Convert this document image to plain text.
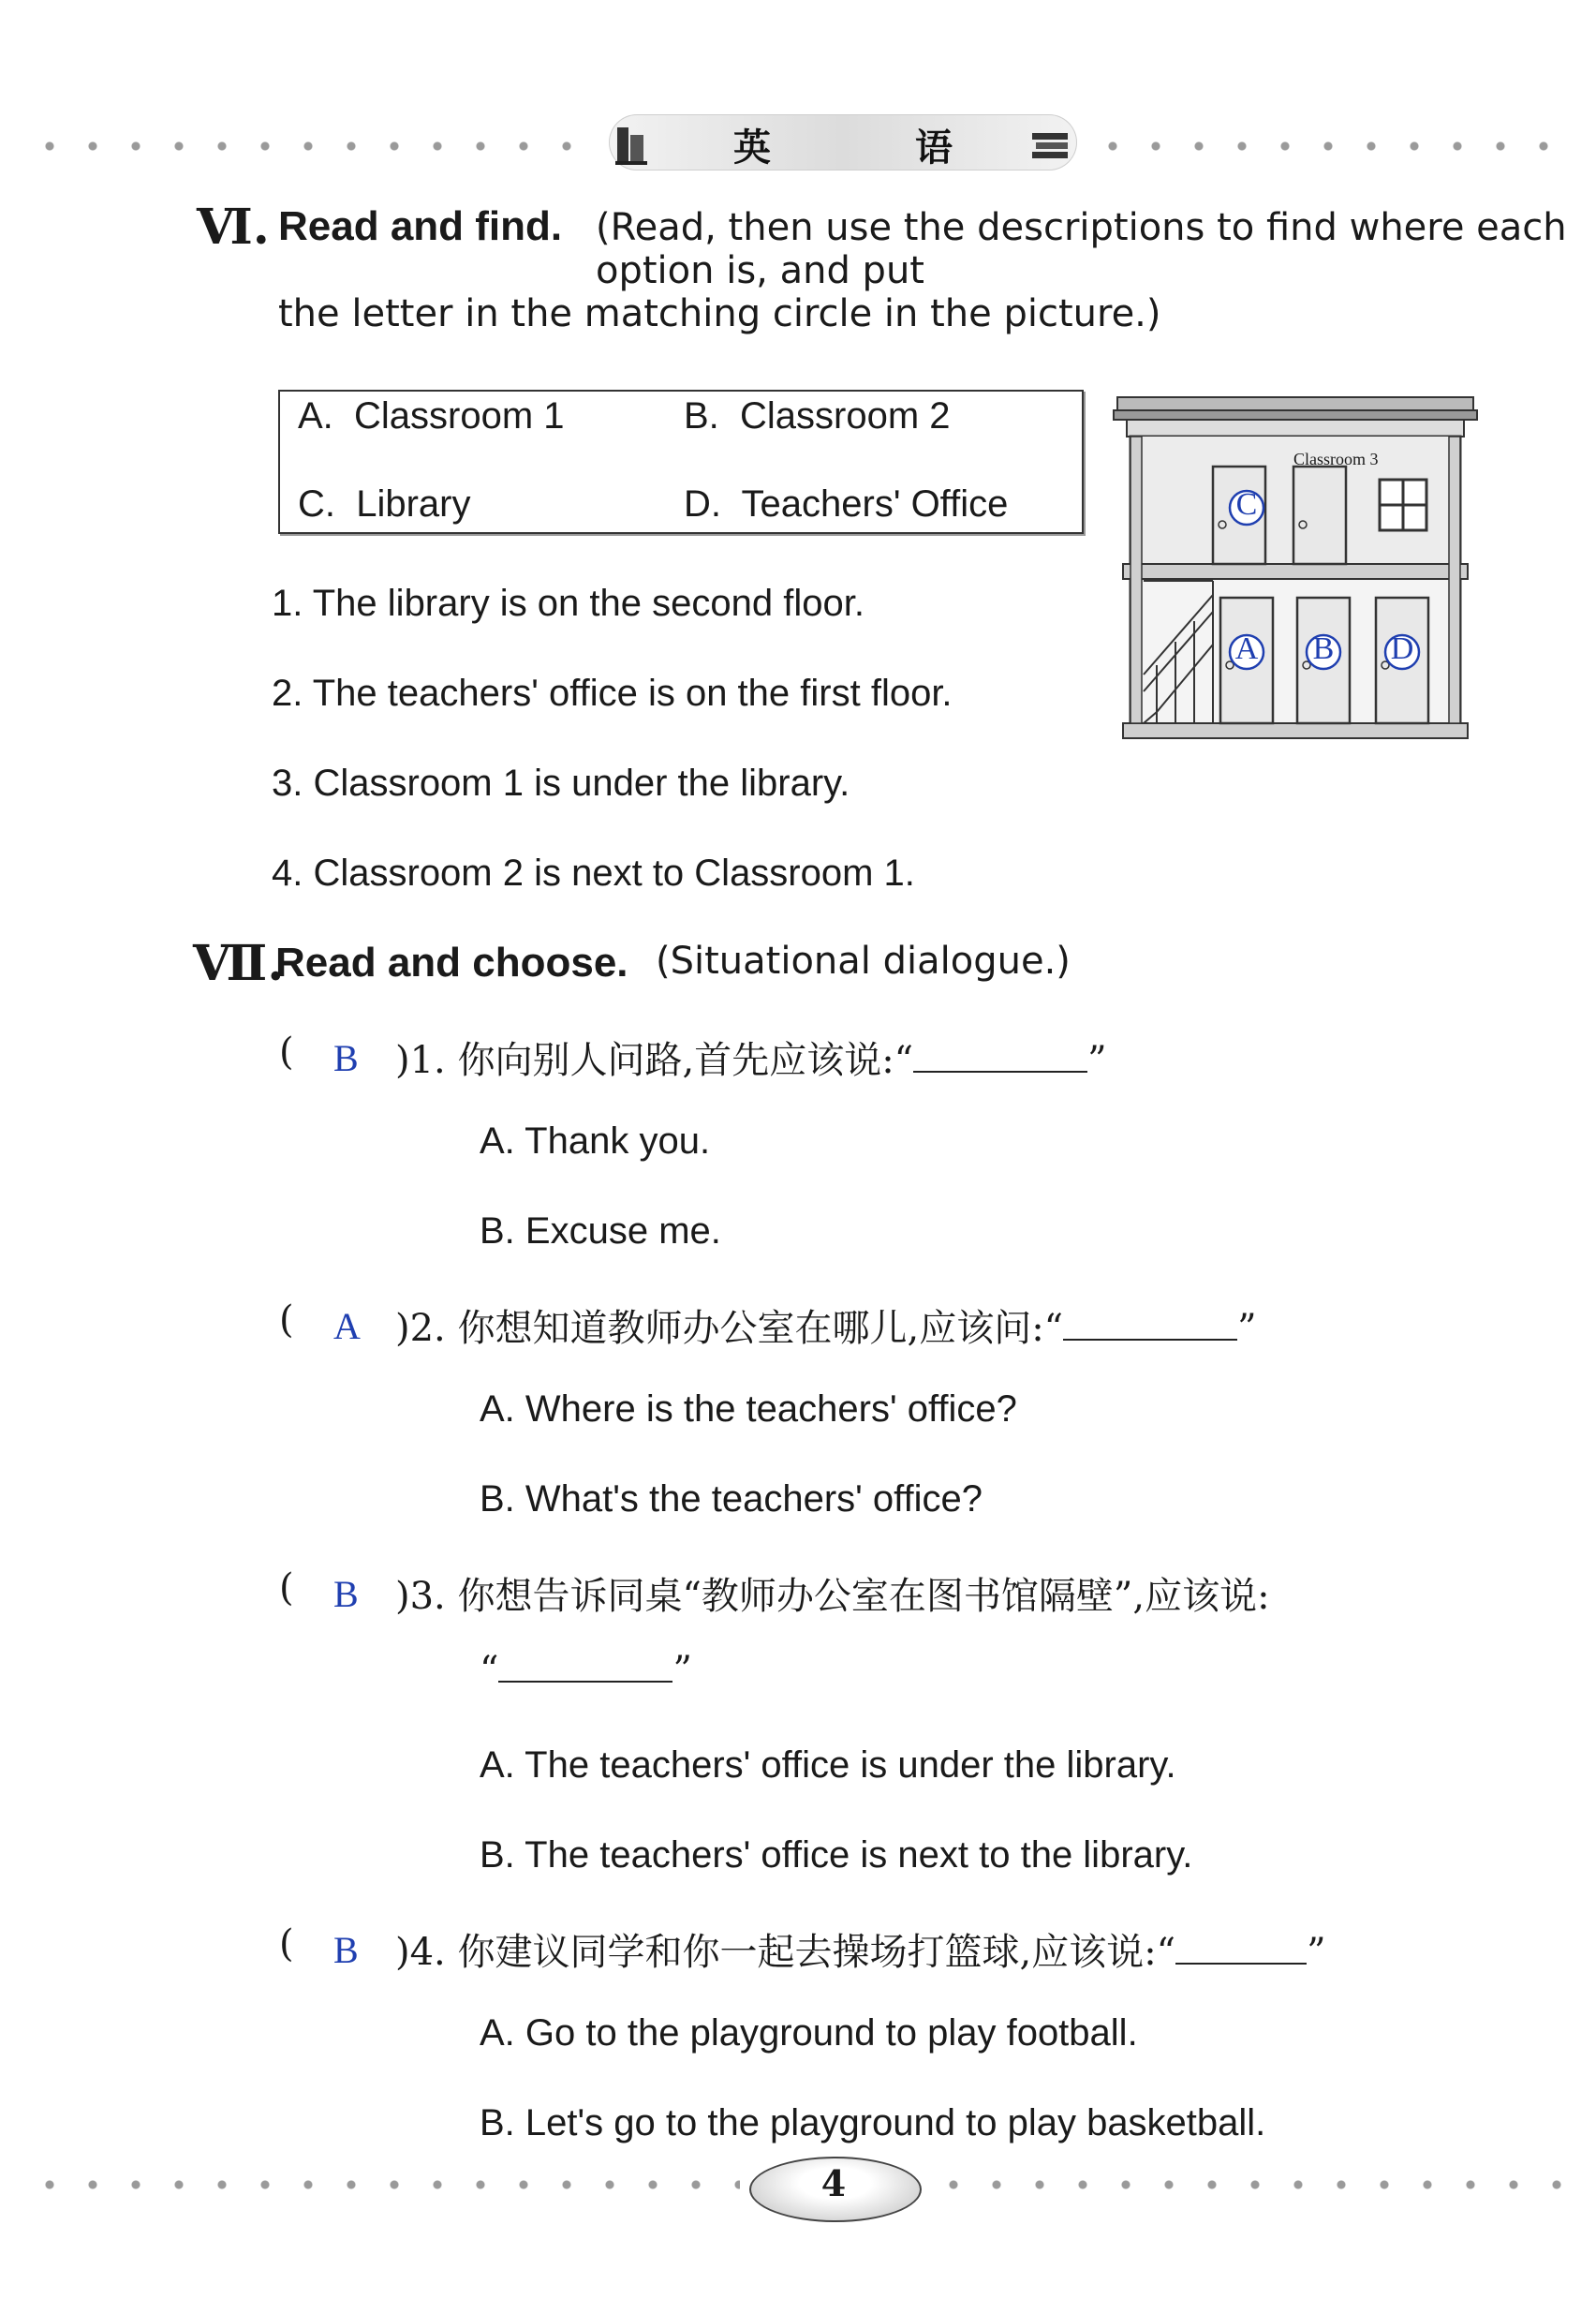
英 语
Ⅵ. Read and find. (Read, then use the descriptions to find where each option is, and put
the letter in the matching circle in the picture.)
A. Classroom 1	B. Classroom 2
C. Library	D. Teachers' Office
1. The library is on the second floor.
2. The teachers' office is on the first floor.
3. Classroom 1 is under the library.
4. Classroom 2 is next to Classroom 1.
Classroom 3
C
A B D
Ⅶ.
Read and choose. (Situational dialogue.)
( B )1. 你向别人问路,首先应该说:“	”
A. Thank you.
B. Excuse me.
( A )2. 你想知道教师办公室在哪儿,应该问:“	”
A. Where is the teachers' office?
B. What's the teachers' office?
( B )3. 你想告诉同桌“教师办公室在图书馆隔壁”,应该说:
“	”
A. The teachers' office is under the library.
B. The teachers' office is next to the library.
( B )4. 你建议同学和你一起去操场打篮球,应该说:“	”
A. Go to the playground to play football.
B. Let's go to the playground to play basketball.
4
